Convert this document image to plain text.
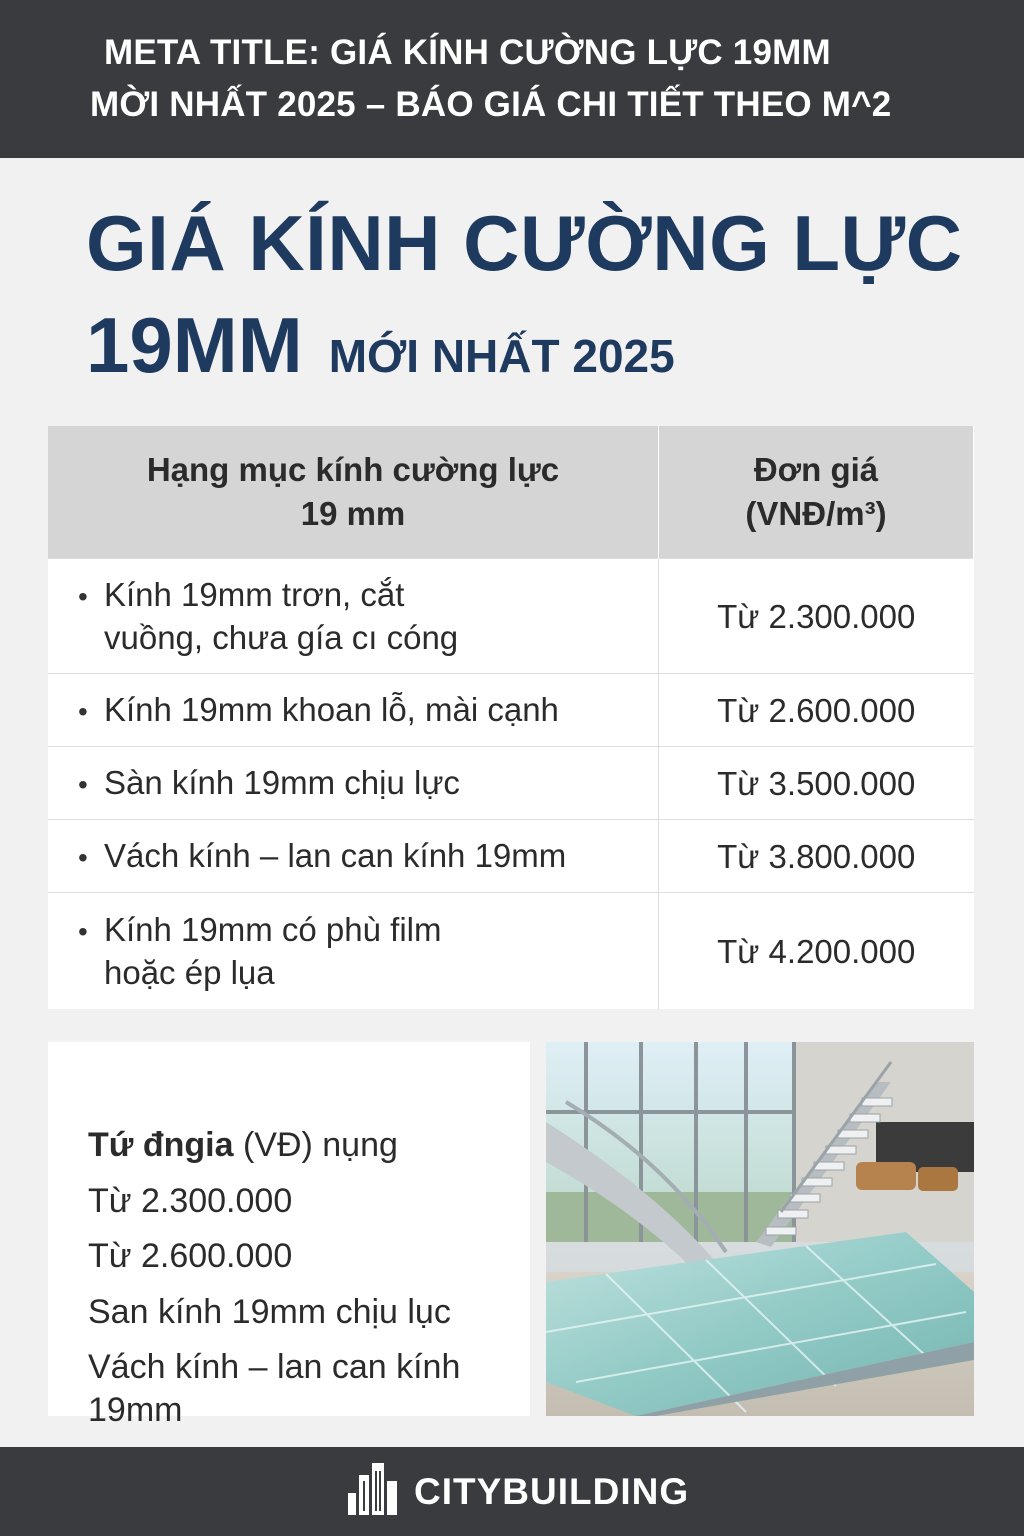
META TITLE: GIÁ KÍNH CƯỜNG LỰC 19MM
MỜI NHẤT 2025 – BÁO GIÁ CHI TIẾT THEO M^2
GIÁ KÍNH CƯỜNG LỰC
19MM MỚI NHẤT 2025
Hạng mục kính cường lực
19 mm	Đơn giá
(VNĐ/m³)

•
Kính 19mm trơn, cắt
vuồng, chưa gía cı cóng	Từ 2.300.000

•
Kính 19mm khoan lỗ, mài cạnh	Từ 2.600.000

•
Sàn kính 19mm chịu lực	Từ 3.500.000

•
Vách kính – lan can kính 19mm	Từ 3.800.000

•
Kính 19mm có phù film
hoặc ép lụa	Từ 4.200.000
Tứ đngia (VĐ) nụng
Từ 2.300.000
Từ 2.600.000
San kính 19mm chịu lục
Vách kính – lan can kính
19mm
CITYBUILDING
